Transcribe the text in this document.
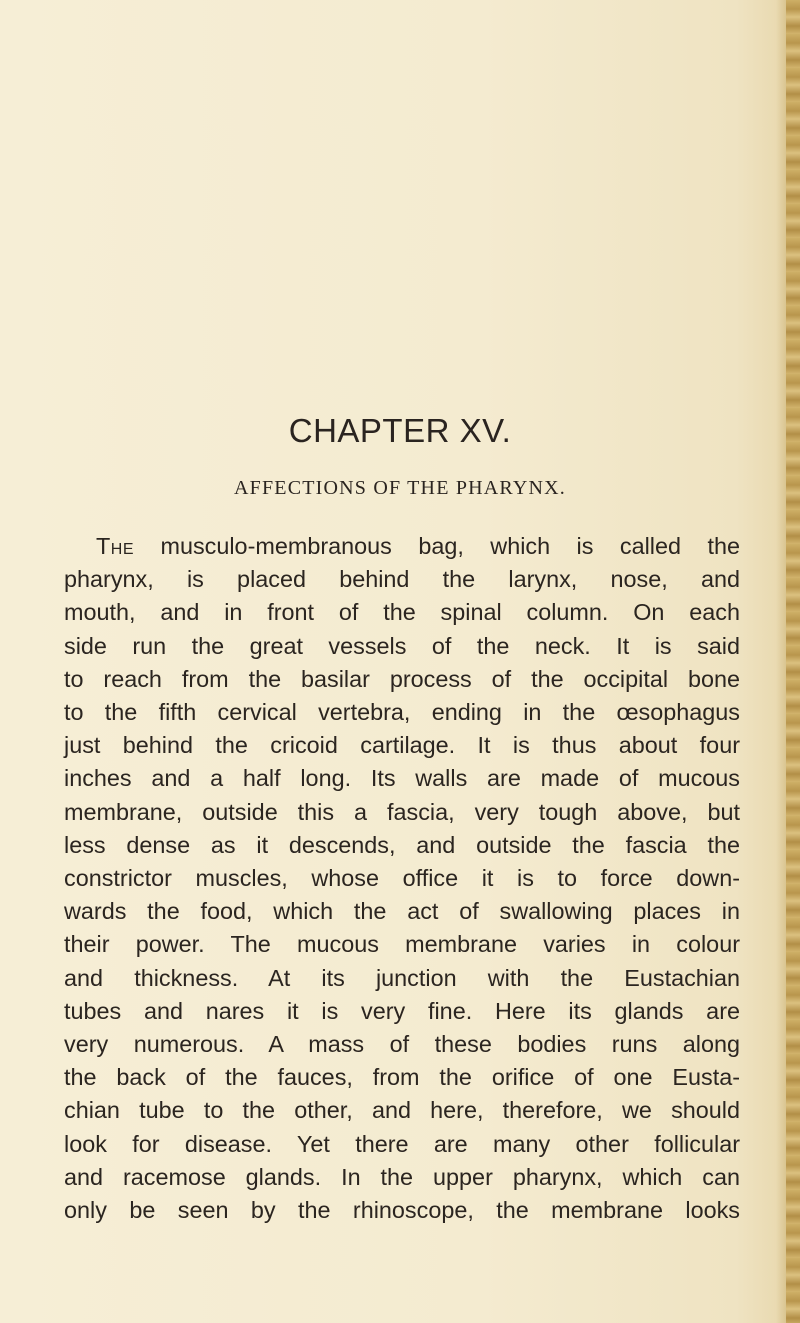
CHAPTER XV.
AFFECTIONS OF THE PHARYNX.
The musculo-membranous bag, which is called the
pharynx, is placed behind the larynx, nose, and
mouth, and in front of the spinal column. On each
side run the great vessels of the neck. It is said
to reach from the basilar process of the occipital bone
to the fifth cervical vertebra, ending in the œsophagus
just behind the cricoid cartilage. It is thus about four
inches and a half long. Its walls are made of mucous
membrane, outside this a fascia, very tough above, but
less dense as it descends, and outside the fascia the
constrictor muscles, whose office it is to force down-
wards the food, which the act of swallowing places in
their power. The mucous membrane varies in colour
and thickness. At its junction with the Eustachian
tubes and nares it is very fine. Here its glands are
very numerous. A mass of these bodies runs along
the back of the fauces, from the orifice of one Eusta-
chian tube to the other, and here, therefore, we should
look for disease. Yet there are many other follicular
and racemose glands. In the upper pharynx, which can
only be seen by the rhinoscope, the membrane looks
